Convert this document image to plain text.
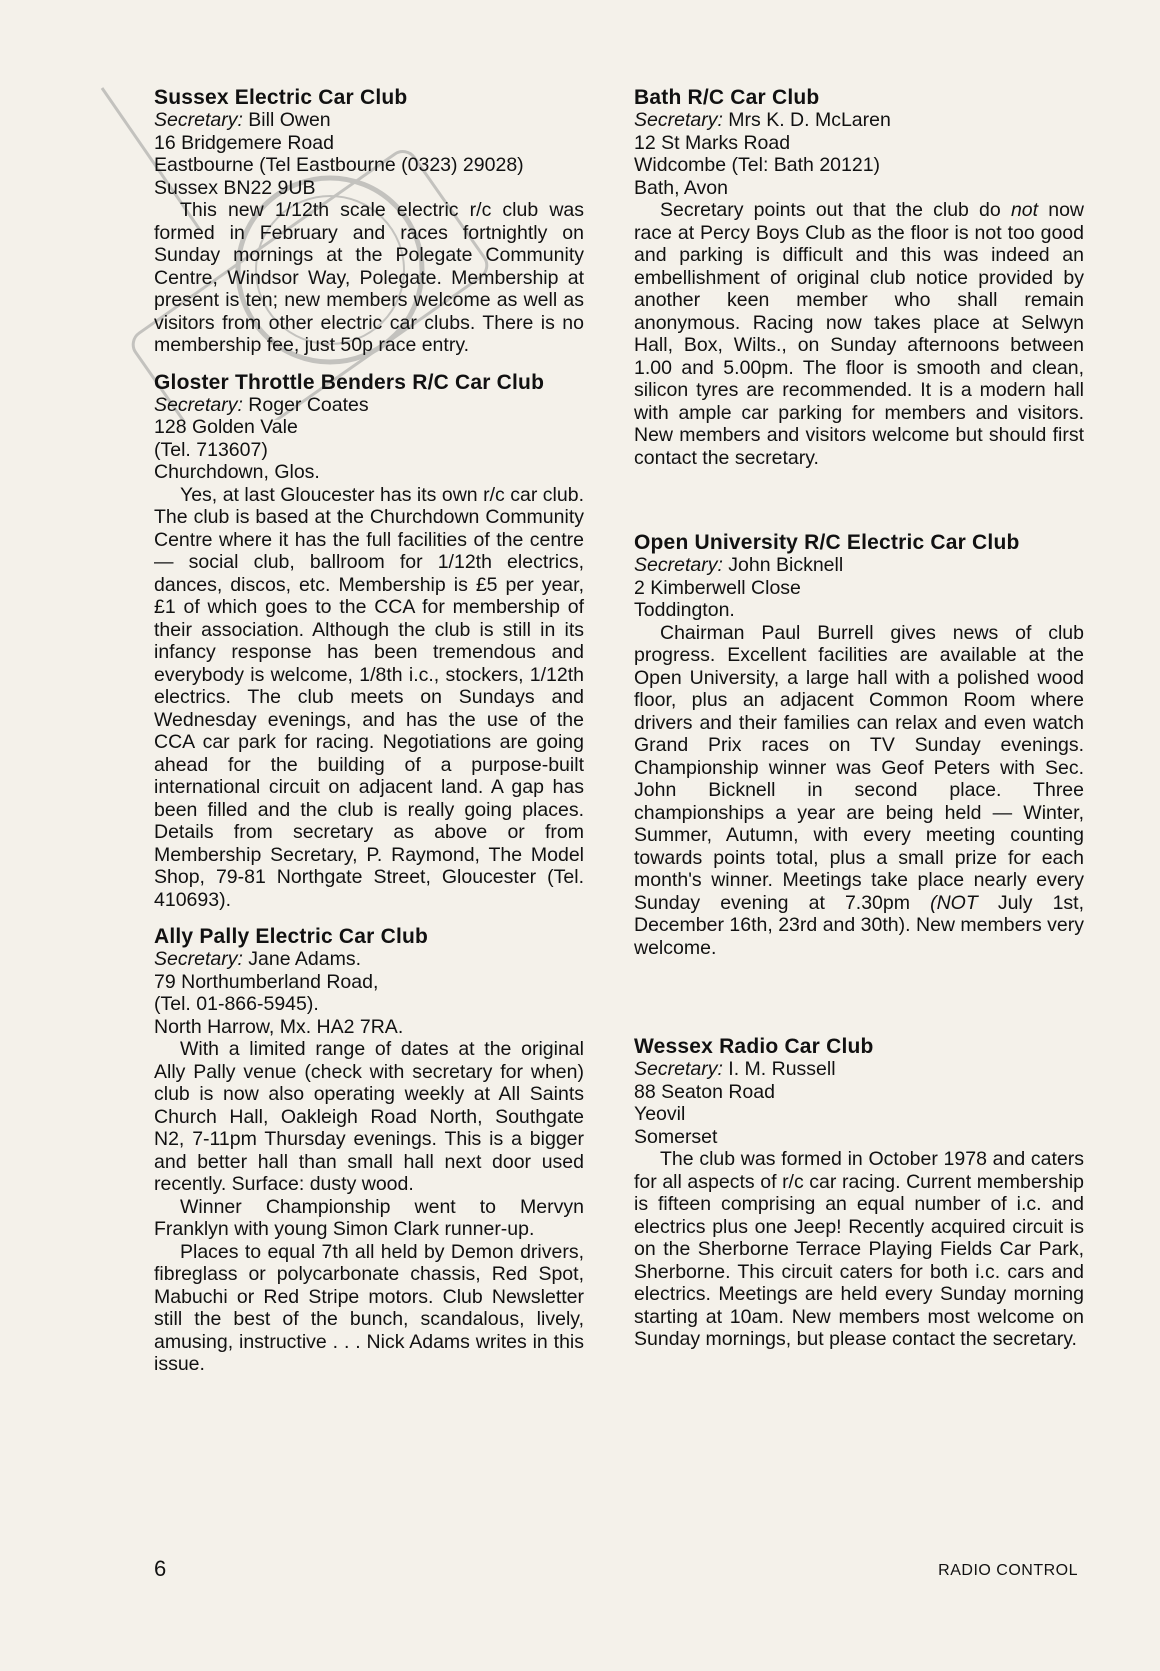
Sussex Electric Car Club

Secretary: Bill Owen

16 Bridgemere Road

Eastbourne (Tel Eastbourne (0323) 29028)

Sussex BN22 9UB

This new 1/12th scale electric r/c club was formed in February and races fortnightly on Sunday mornings at the Polegate Community Centre, Windsor Way, Polegate. Membership at present is ten; new members welcome as well as visitors from other electric car clubs. There is no membership fee, just 50p race entry.

Gloster Throttle Benders R/C Car Club

Secretary: Roger Coates

128 Golden Vale

(Tel. 713607)

Churchdown, Glos.

Yes, at last Gloucester has its own r/c car club. The club is based at the Churchdown Community Centre where it has the full facilities of the centre — social club, ballroom for 1/12th electrics, dances, discos, etc. Membership is £5 per year, £1 of which goes to the CCA for membership of their association. Although the club is still in its infancy response has been tremendous and everybody is welcome, 1/8th i.c., stockers, 1/12th electrics. The club meets on Sundays and Wednesday evenings, and has the use of the CCA car park for racing. Negotiations are going ahead for the building of a purpose-built international circuit on adjacent land. A gap has been filled and the club is really going places. Details from secretary as above or from Membership Secretary, P. Raymond, The Model Shop, 79-81 Northgate Street, Gloucester (Tel. 410693).

Ally Pally Electric Car Club

Secretary: Jane Adams.

79 Northumberland Road,

(Tel. 01-866-5945).

North Harrow, Mx. HA2 7RA.

With a limited range of dates at the original Ally Pally venue (check with secretary for when) club is now also operating weekly at All Saints Church Hall, Oakleigh Road North, Southgate N2, 7-11pm Thursday evenings. This is a bigger and better hall than small hall next door used recently. Surface: dusty wood.

Winner Championship went to Mervyn Franklyn with young Simon Clark runner-up.

Places to equal 7th all held by Demon drivers, fibreglass or polycarbonate chassis, Red Spot, Mabuchi or Red Stripe motors. Club Newsletter still the best of the bunch, scandalous, lively, amusing, instructive . . . Nick Adams writes in this issue.

Bath R/C Car Club

Secretary: Mrs K. D. McLaren

12 St Marks Road

Widcombe (Tel: Bath 20121)

Bath, Avon

Secretary points out that the club do not now race at Percy Boys Club as the floor is not too good and parking is difficult and this was indeed an embellishment of original club notice provided by another keen member who shall remain anonymous. Racing now takes place at Selwyn Hall, Box, Wilts., on Sunday afternoons between 1.00 and 5.00pm. The floor is smooth and clean, silicon tyres are recommended. It is a modern hall with ample car parking for members and visitors. New members and visitors welcome but should first contact the secretary.

Open University R/C Electric Car Club

Secretary: John Bicknell

2 Kimberwell Close

Toddington.

Chairman Paul Burrell gives news of club progress. Excellent facilities are available at the Open University, a large hall with a polished wood floor, plus an adjacent Common Room where drivers and their families can relax and even watch Grand Prix races on TV Sunday evenings. Championship winner was Geof Peters with Sec. John Bicknell in second place. Three championships a year are being held — Winter, Summer, Autumn, with every meeting counting towards points total, plus a small prize for each month's winner. Meetings take place nearly every Sunday evening at 7.30pm (NOT July 1st, December 16th, 23rd and 30th). New members very welcome.

Wessex Radio Car Club

Secretary: I. M. Russell

88 Seaton Road

Yeovil

Somerset

The club was formed in October 1978 and caters for all aspects of r/c car racing. Current membership is fifteen comprising an equal number of i.c. and electrics plus one Jeep! Recently acquired circuit is on the Sherborne Terrace Playing Fields Car Park, Sherborne. This circuit caters for both i.c. cars and electrics. Meetings are held every Sunday morning starting at 10am. New members most welcome on Sunday mornings, but please contact the secretary.

6	RADIO CONTROL
